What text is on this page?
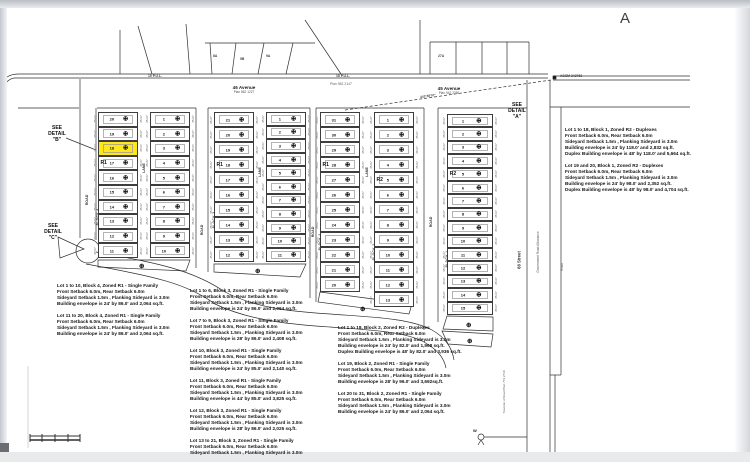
⊕
⊕
⊕
⊕
⊕
20 ⊕
35.07	35.07
19 ⊕
35.07	35.07
18 ⊕
35.07	35.07
17 ⊕
35.07	35.07
R1
16 ⊕
35.07	35.07
15 ⊕
35.07	35.07
14 ⊕
35.07	35.07
13 ⊕
35.07	35.07
12 ⊕
35.07	35.07
11 ⊕
35.07	35.07
BLOCK 4
1 ⊕
35.07	35.07
2 ⊕
35.07	35.07
3 ⊕
35.07	35.07
4 ⊕
35.07	35.07
5 ⊕
35.07	35.07
6 ⊕
35.07	35.07
7 ⊕
35.07	35.07
8 ⊕
35.07	35.07
9 ⊕
35.07	35.07
10 ⊕
35.07	35.07
21 ⊕
35.07	35.07
20 ⊕
35.07	35.07
19 ⊕
35.07	35.07
18 ⊕
35.07	35.07
R1
17 ⊕
35.07	35.07
16 ⊕
35.07	35.07
15 ⊕
35.07	35.07
14 ⊕
35.07	35.07
13 ⊕
35.07	35.07
12 ⊕
35.07	35.07
BLOCK 3
1 ⊕
35.07	35.07
2 ⊕
35.07	35.07
3 ⊕
35.07	35.07
4 ⊕
35.07	35.07
5 ⊕
35.07	35.07
6 ⊕
35.07	35.07
7 ⊕
35.07	35.07
8 ⊕
35.07	35.07
9 ⊕
35.07	35.07
10 ⊕
35.07	35.07
11 ⊕
35.07	35.07
31 ⊕
35.07	35.07
30 ⊕
35.07	35.07
29 ⊕
35.07	35.07
28 ⊕
35.07	35.07
R1
27 ⊕
35.07	35.07
26 ⊕
35.07	35.07
25 ⊕
35.07	35.07
24 ⊕
35.07	35.07
23 ⊕
35.07	35.07
22 ⊕
35.07	35.07
21 ⊕
35.07	35.07
20 ⊕
35.07	35.07
BLOCK 2
1 ⊕
35.07	35.07
2 ⊕
35.07	35.07
3 ⊕
35.07	35.07
4 ⊕
35.07	35.07
5 ⊕
35.07	35.07
R2
6 ⊕
35.07	35.07
7 ⊕
35.07	35.07
8 ⊕
35.07	35.07
9 ⊕
35.07	35.07
10 ⊕
35.07	35.07
11 ⊕
35.07	35.07
12 ⊕
35.07	35.07
13 ⊕
35.07	35.07
BLOCK 2
1 ⊕
35.07	35.07
2 ⊕
35.07	35.07
3 ⊕
35.07	35.07
4 ⊕
35.07	35.07
5 ⊕
35.07	35.07
R2
6 ⊕
35.07	35.07
7 ⊕
35.07	35.07
8 ⊕
35.07	35.07
9 ⊕
35.07	35.07
10 ⊕
35.07	35.07
11 ⊕
35.07	35.07
12 ⊕
35.07	35.07
13 ⊕
35.07	35.07
14 ⊕
35.07	35.07
15 ⊕
35.07	35.07
BLOCK 1
A
46 Avenue
Plan 862 1227
45 Avenue
Plan 942 2256
68 Street	Government Road Allowance	Road
Traverse of Road Plan 772 2710
LANE	LANE	LANE
ROAD
ROAD	ROAD
ROAD
10 P.U.L.	18 P.U.L.
Plan 982 2147
ASCM 342763
343°48'07"
W
8A
9B
9A	27A
SEE
DETAIL
"A"
SEE
DETAIL
"B"
SEE
DETAIL
"C"
Lot 1 to 10, Block 4, Zoned R1 - Single Family
Front Setback 6.0m, Rear Setback 6.0m
Sideyard Setback 1.5m , Flanking Sideyard is 3.0m
Building envelope is 24' by 86.0' and 2,064 sq.ft.
Lot 11 to 20, Block 4, Zoned R1 - Single Family
Front Setback 6.0m, Rear Setback 6.0m
Sideyard Setback 1.5m , Flanking Sideyard is 3.0m
Building envelope is 24' by 86.0' and 2,064 sq.ft.
Lot 1 to 6, Block 3, Zoned R1 - Single Family
Front Setback 6.0m, Rear Setback 6.0m
Sideyard Setback 1.5m , Flanking Sideyard is 3.0m
Building envelope is 24' by 86.0' and 2,064 sq.ft.
Lot 7 to 9, Block 3, Zoned R1 - Single Family
Front Setback 6.0m, Rear Setback 6.0m
Sideyard Setback 1.5m , Flanking Sideyard is 3.0m
Building envelope is 28' by 86.0' and 2,408 sq.ft.
Lot 10, Block 3, Zoned R1 - Single Family
Front Setback 6.0m, Rear Setback 6.0m
Sideyard Setback 1.5m , Flanking Sideyard is 3.0m
Building envelope is 24' by 85.0' and 2,140 sq.ft.
Lot 11, Block 3, Zoned R1 - Single Family
Front Setback 6.0m, Rear Setback 6.0m
Sideyard Setback 1.5m , Flanking Sideyard is 3.0m
Building envelope is 44' by 85.0' and 3,825 sq.ft.
Lot 12, Block 3, Zoned R1 - Single Family
Front Setback 6.0m, Rear Setback 6.0m
Sideyard Setback 1.5m , Flanking Sideyard is 3.0m
Building envelope is 28' by 86.0' and 2,025 sq.ft.
Lot 13 to 21, Block 3, Zoned R1 - Single Family
Front Setback 6.0m, Rear Setback 6.0m
Sideyard Setback 1.5m , Flanking Sideyard is 3.0m
Lot 1 to 18, Block 2, Zoned R2 - Duplexes
Front Setback 6.0m, Rear Setback 6.0m
Sideyard Setback 1.5m , Flanking Sideyard is 3.0m
Building envelope is 24' by 82.0' and 1,968 sq.ft.
Duplex Building envelope is 48' by 82.0' and 3,936 sq.ft.
Lot 19, Block 2, Zoned R1 - Single Family
Front Setback 6.0m, Rear Setback 6.0m
Sideyard Setback 1.5m , Flanking Sideyard is 3.0m
Building envelope is 28' by 96.0' and 3,692sq.ft.
Lot 20 to 31, Block 2, Zoned R1 - Single Family
Front Setback 6.0m, Rear Setback 6.0m
Sideyard Setback 1.5m , Flanking Sideyard is 3.0m
Building envelope is 24' by 86.0' and 2,064 sq.ft.
Lot 1 to 18, Block 1, Zoned R2 - Duplexes
Front Setback 6.0m, Rear Setback 6.0m
Sideyard Setback 1.5m , Flanking Sideyard is 3.0m
Building envelope is 24' by 118.0' and 2,832 sq.ft.
Duplex Building envelope is 48' by 118.0' and 5,664 sq.ft.
Lot 19 and 20, Block 1, Zoned R2 - Duplexes
Front Setback 6.0m, Rear Setback 6.0m
Sideyard Setback 1.5m , Flanking Sideyard is 3.0m
Building envelope is 24' by 98.0' and 2,352 sq.ft.
Duplex Building envelope is 48' by 98.0' and 4,704 sq.ft.
